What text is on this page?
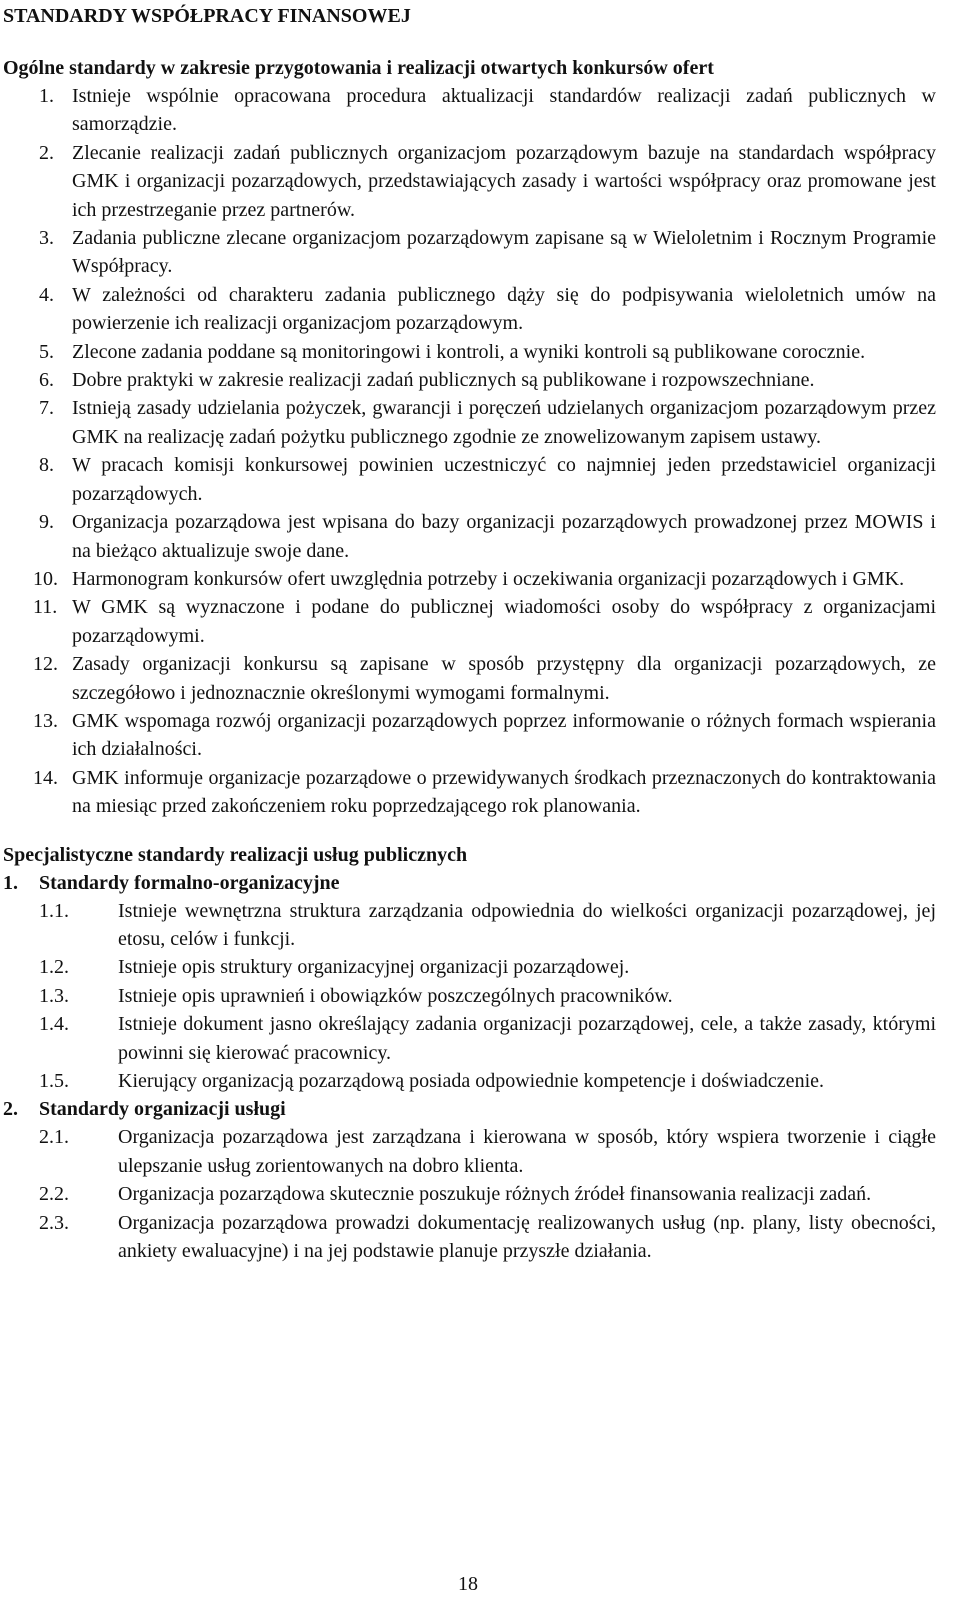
STANDARDY WSPÓŁPRACY FINANSOWEJ
Ogólne standardy w zakresie przygotowania i realizacji otwartych konkursów ofert
1. Istnieje wspólnie opracowana procedura aktualizacji standardów realizacji zadań publicznych w samorządzie.
2. Zlecanie realizacji zadań publicznych organizacjom pozarządowym bazuje na standardach współpracy GMK i organizacji pozarządowych, przedstawiających zasady i wartości współpracy oraz promowane jest ich przestrzeganie przez partnerów.
3. Zadania publiczne zlecane organizacjom pozarządowym zapisane są w Wieloletnim i Rocznym Programie Współpracy.
4. W zależności od charakteru zadania publicznego dąży się do podpisywania wieloletnich umów na powierzenie ich realizacji organizacjom pozarządowym.
5. Zlecone zadania poddane są monitoringowi i kontroli, a wyniki kontroli są publikowane corocznie.
6. Dobre praktyki w zakresie realizacji zadań publicznych są publikowane i rozpowszechniane.
7. Istnieją zasady udzielania pożyczek, gwarancji i poręczeń udzielanych organizacjom pozarządowym przez GMK na realizację zadań pożytku publicznego zgodnie ze znowelizowanym zapisem ustawy.
8. W pracach komisji konkursowej powinien uczestniczyć co najmniej jeden przedstawiciel organizacji pozarządowych.
9. Organizacja pozarządowa jest wpisana do bazy organizacji pozarządowych prowadzonej przez MOWIS i na bieżąco aktualizuje swoje dane.
10. Harmonogram konkursów ofert uwzględnia potrzeby i oczekiwania organizacji pozarządowych i GMK.
11. W GMK są wyznaczone i podane do publicznej wiadomości osoby do współpracy z organizacjami pozarządowymi.
12. Zasady organizacji konkursu są zapisane w sposób przystępny dla organizacji pozarządowych, ze szczegółowo i jednoznacznie określonymi wymogami formalnymi.
13. GMK wspomaga rozwój organizacji pozarządowych poprzez informowanie o różnych formach wspierania ich działalności.
14. GMK informuje organizacje pozarządowe o przewidywanych środkach przeznaczonych do kontraktowania na miesiąc przed zakończeniem roku poprzedzającego rok planowania.
Specjalistyczne standardy realizacji usług publicznych
1. Standardy formalno-organizacyjne
1.1. Istnieje wewnętrzna struktura zarządzania odpowiednia do wielkości organizacji pozarządowej, jej etosu, celów i funkcji.
1.2. Istnieje opis struktury organizacyjnej organizacji pozarządowej.
1.3. Istnieje opis uprawnień i obowiązków poszczególnych pracowników.
1.4. Istnieje dokument jasno określający zadania organizacji pozarządowej, cele, a także zasady, którymi powinni się kierować pracownicy.
1.5. Kierujący organizacją pozarządową posiada odpowiednie kompetencje i doświadczenie.
2. Standardy organizacji usługi
2.1. Organizacja pozarządowa jest zarządzana i kierowana w sposób, który wspiera tworzenie i ciągłe ulepszanie usług zorientowanych na dobro klienta.
2.2. Organizacja pozarządowa skutecznie poszukuje różnych źródeł finansowania realizacji zadań.
2.3. Organizacja pozarządowa prowadzi dokumentację realizowanych usług (np. plany, listy obecności, ankiety ewaluacyjne) i na jej podstawie planuje przyszłe działania.
18
